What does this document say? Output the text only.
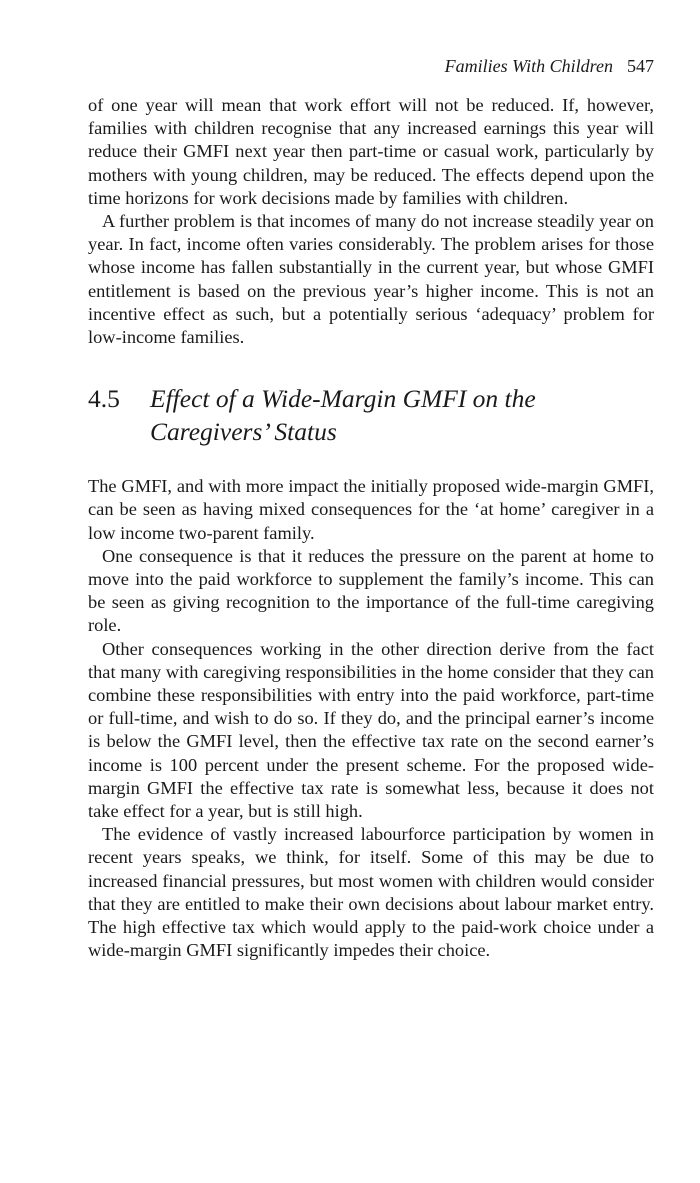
Families With Children 547

of one year will mean that work effort will not be reduced. If, however, families with children recognise that any increased earnings this year will reduce their GMFI next year then part-time or casual work, particularly by mothers with young children, may be reduced. The effects depend upon the time horizons for work decisions made by families with children.

A further problem is that incomes of many do not increase steadily year on year. In fact, income often varies considerably. The problem arises for those whose income has fallen substantially in the current year, but whose GMFI entitlement is based on the previous year’s higher income. This is not an incentive effect as such, but a potentially serious ‘adequacy’ problem for low-income families.

4.5	Effect of a Wide-Margin GMFI on the Caregivers’ Status

The GMFI, and with more impact the initially proposed wide-margin GMFI, can be seen as having mixed consequences for the ‘at home’ caregiver in a low income two-parent family.

One consequence is that it reduces the pressure on the parent at home to move into the paid workforce to supplement the family’s income. This can be seen as giving recognition to the importance of the full-time caregiving role.

Other consequences working in the other direction derive from the fact that many with caregiving responsibilities in the home consider that they can combine these responsibilities with entry into the paid workforce, part-time or full-time, and wish to do so. If they do, and the principal earner’s income is below the GMFI level, then the effective tax rate on the second earner’s income is 100 percent under the present scheme. For the proposed wide-margin GMFI the effective tax rate is somewhat less, because it does not take effect for a year, but is still high.

The evidence of vastly increased labourforce participation by women in recent years speaks, we think, for itself. Some of this may be due to increased financial pressures, but most women with children would consider that they are entitled to make their own decisions about labour market entry. The high effective tax which would apply to the paid-work choice under a wide-margin GMFI significantly impedes their choice.
